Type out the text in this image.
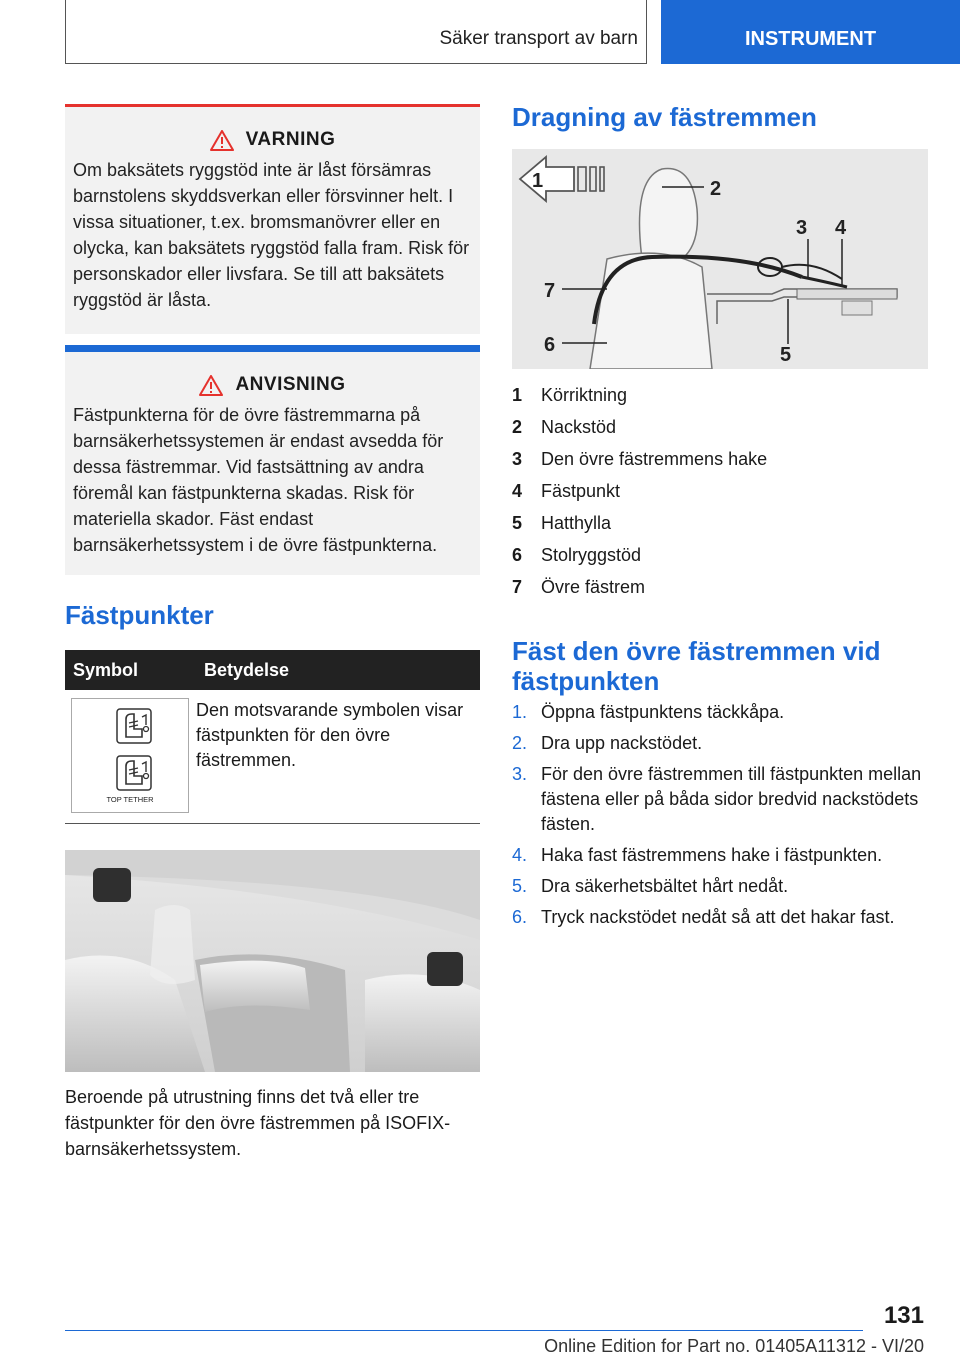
Säker transport av barn	INSTRUMENT
VARNING
Om baksätets ryggstöd inte är låst försämras barnstolens skyddsverkan eller försvinner helt. I vissa situationer, t.ex. bromsmanövrer eller en olycka, kan baksätets ryggstöd falla fram. Risk för personskador eller livsfara. Se till att baksätets ryggstöd är låsta.
ANVISNING
Fästpunkterna för de övre fästremmarna på barnsäkerhetssystemen är endast avsedda för dessa fästremmar. Vid fastsättning av andra föremål kan fästpunkterna skadas. Risk för materiella skador. Fäst endast barnsäkerhetssystem i de övre fästpunkterna.
Fästpunkter
Symbol	Betydelse

TOP TETHER	Den motsvarande symbolen visar fästpunkten för den övre fästremmen.
Beroende på utrustning finns det två eller tre fästpunkter för den övre fästremmen på ISOFIX-barnsäkerhetssystem.
Dragning av fästremmen
1	2
3 4
5
6
7
1	Körriktning
2	Nackstöd
3	Den övre fästremmens hake
4	Fästpunkt
5	Hatthylla
6	Stolryggstöd
7	Övre fästrem
Fäst den övre fästremmen vid fästpunkten
1. Öppna fästpunktens täckkåpa.
2. Dra upp nackstödet.
3. För den övre fästremmen till fästpunkten mellan fästena eller på båda sidor bredvid nackstödets fästen.
4. Haka fast fästremmens hake i fästpunkten.
5. Dra säkerhetsbältet hårt nedåt.
6. Tryck nackstödet nedåt så att det hakar fast.
131
Online Edition for Part no. 01405A11312 - VI/20
